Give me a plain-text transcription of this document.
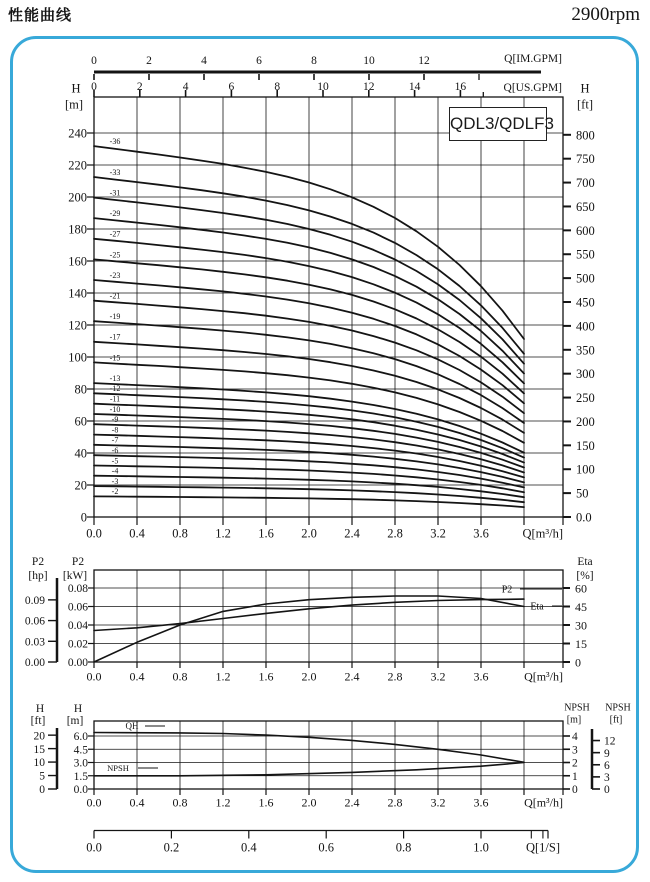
性能曲线	2900rpm
0
20
40
60
80
100
120
140
160
180
200
220
240
H
[m]
0.0
50
100
150
200
250
300
350
400
450
500
550
600
650
700
750
800
H
[ft]
0	2	4	6	8	10	12	Q[IM.GPM]
0	2	4	6	8	10	12	14	16	Q[US.GPM]
-2
-3
-4
-5
-6
-7
-8
-9
-10
-11
-12
-13
-15
-17
-19
-21
-23
-25
-27
-29
-31
-33
-36
0.0 0.4 0.8 1.2 1.6 2.0 2.4 2.8 3.2 3.6	Q[m³/h]
0.08
0.06
0.04
0.02
0.00
P2
[kW]
0.09
0.06
0.03
0.00
P2
[hp]
60
45
30
15
0
Eta
[%]
P2
Eta
0.0 0.4 0.8 1.2 1.6 2.0 2.4 2.8 3.2 3.6	Q[m³/h]
6.0
4.5
3.0
1.5
0.0
H
[m]
20
15
10
5
0
H
[ft]
4
3
2
1
0
NPSH
[m]
12
9
6
3
0
NPSH
[ft]
QH
NPSH
0.0 0.4 0.8 1.2 1.6 2.0 2.4 2.8 3.2 3.6	Q[m³/h]
0.0	0.2	0.4	0.6	0.8	1.0	Q[1/S]
QDL3/QDLF3
